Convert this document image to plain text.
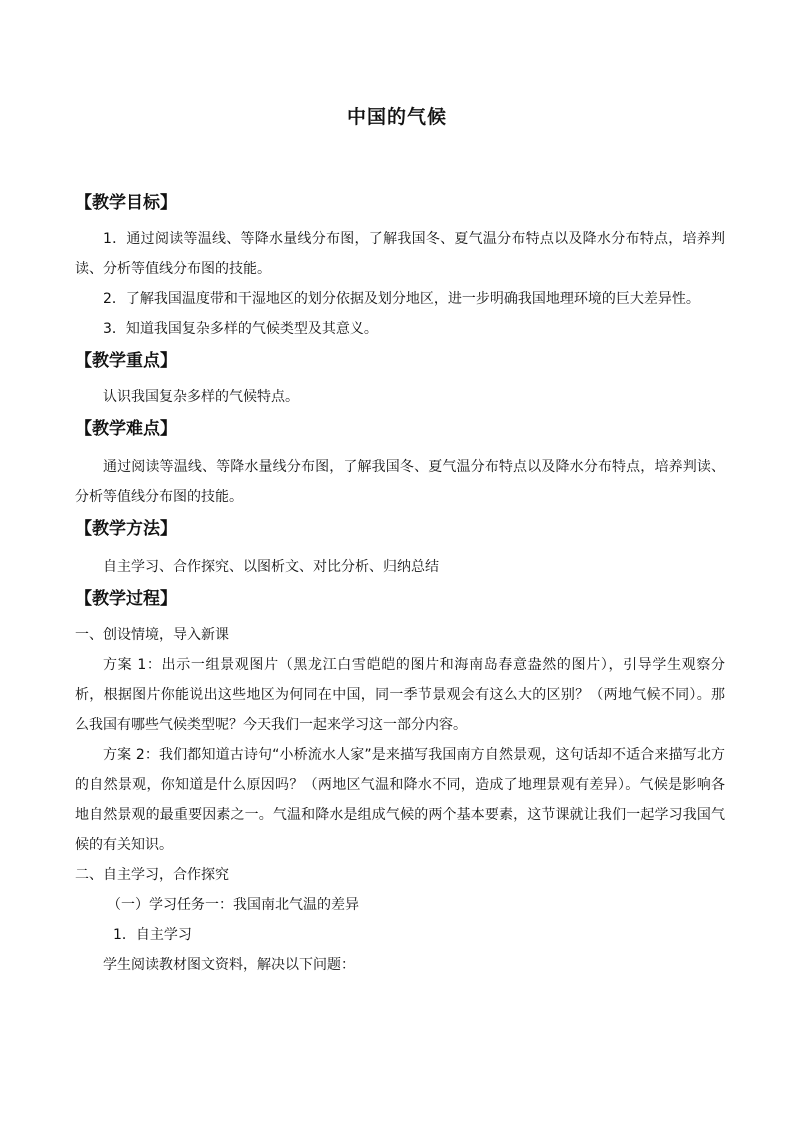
中国的气候
【教学目标】
1．通过阅读等温线、等降水量线分布图，了解我国冬、夏气温分布特点以及降水分布特点，培养判读、分析等值线分布图的技能。
2．了解我国温度带和干湿地区的划分依据及划分地区，进一步明确我国地理环境的巨大差异性。
3．知道我国复杂多样的气候类型及其意义。
【教学重点】
认识我国复杂多样的气候特点。
【教学难点】
通过阅读等温线、等降水量线分布图，了解我国冬、夏气温分布特点以及降水分布特点，培养判读、分析等值线分布图的技能。
【教学方法】
自主学习、合作探究、以图析文、对比分析、归纳总结
【教学过程】
一、创设情境，导入新课
方案 1：出示一组景观图片（黑龙江白雪皑皑的图片和海南岛春意盎然的图片），引导学生观察分析，根据图片你能说出这些地区为何同在中国，同一季节景观会有这么大的区别？（两地气候不同）。那么我国有哪些气候类型呢？今天我们一起来学习这一部分内容。
方案 2：我们都知道古诗句“小桥流水人家”是来描写我国南方自然景观，这句话却不适合来描写北方的自然景观，你知道是什么原因吗？（两地区气温和降水不同，造成了地理景观有差异）。气候是影响各地自然景观的最重要因素之一。气温和降水是组成气候的两个基本要素，这节课就让我们一起学习我国气候的有关知识。
二、自主学习，合作探究
（一）学习任务一：我国南北气温的差异
1．自主学习
学生阅读教材图文资料，解决以下问题：
